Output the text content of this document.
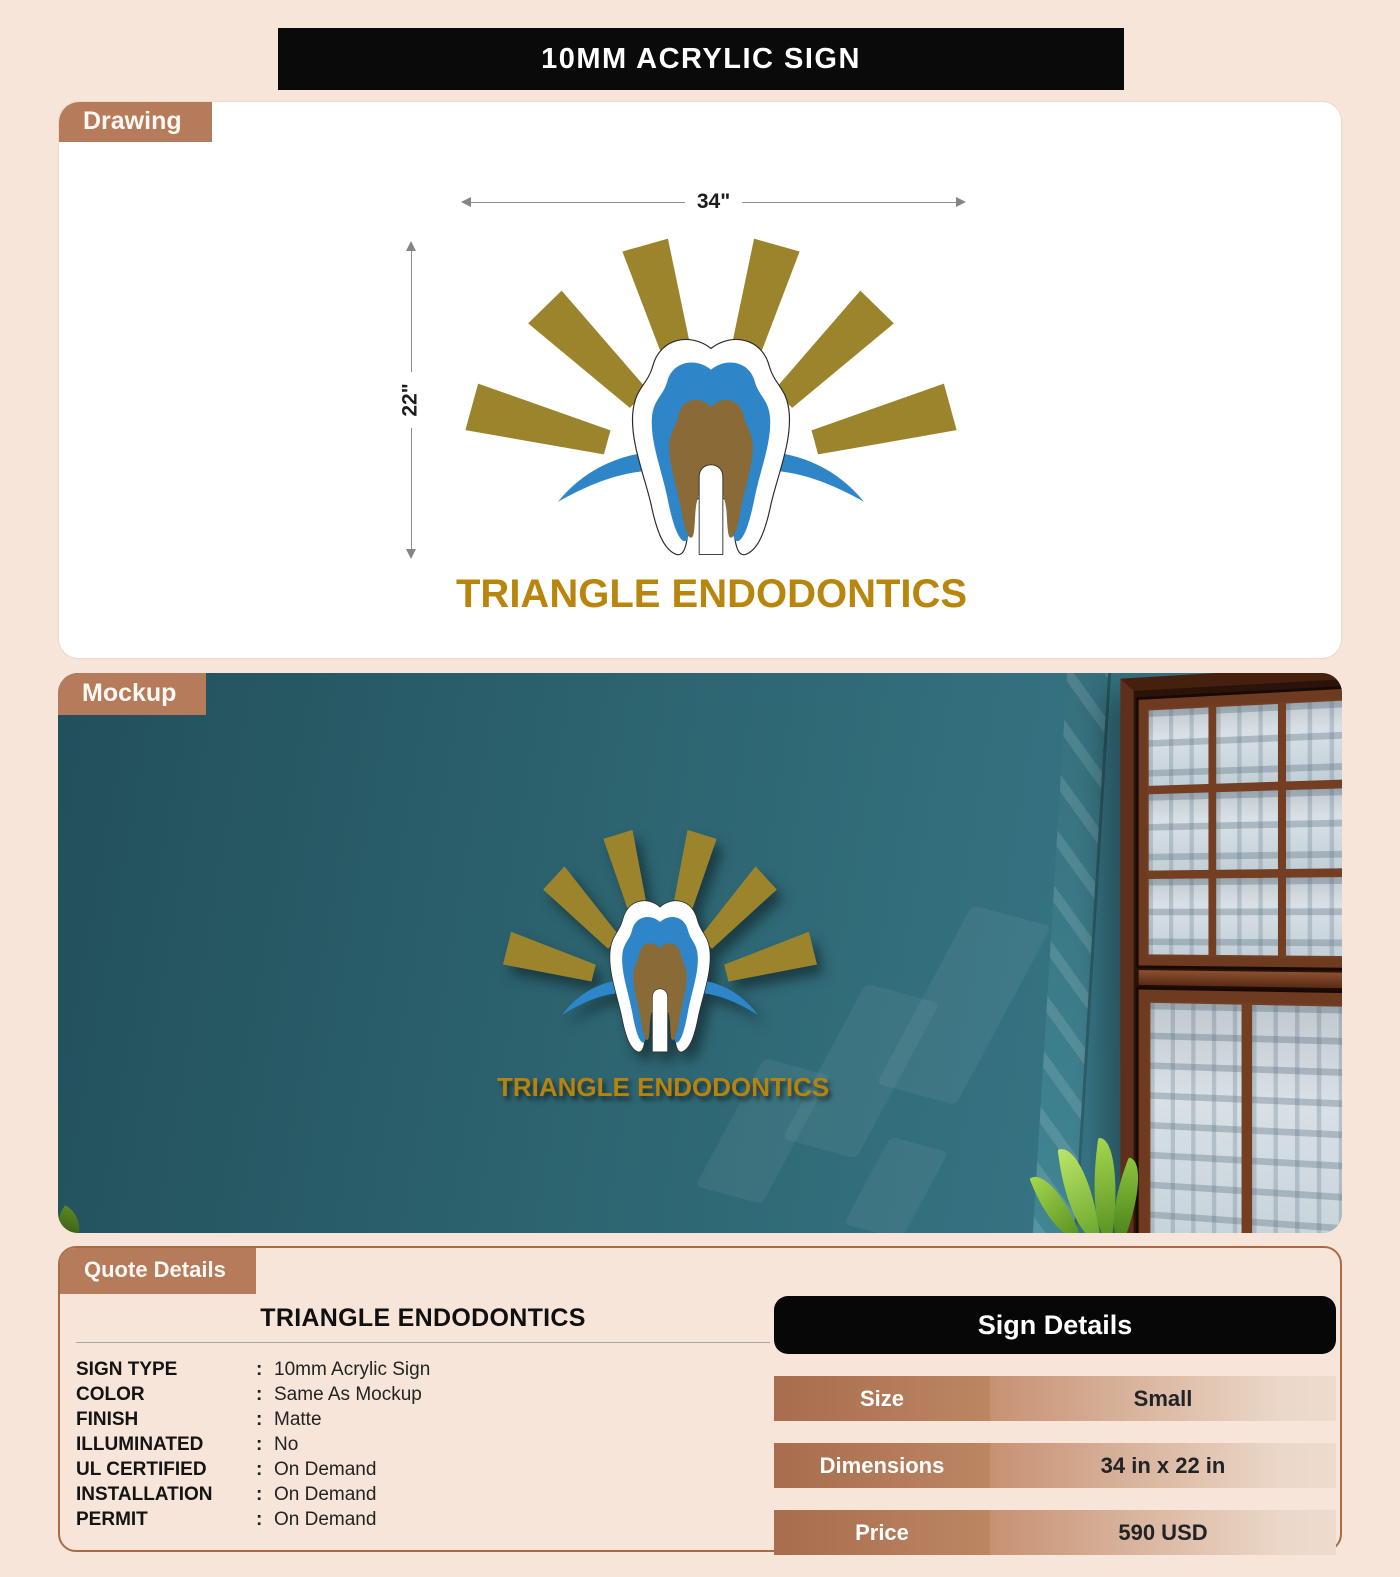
10MM ACRYLIC SIGN
Drawing
34"
22"
TRIANGLE ENDODONTICS
TRIANGLE ENDODONTICS
Mockup
Quote Details
TRIANGLE ENDODONTICS
SIGN TYPE	: 10mm Acrylic Sign
COLOR	: Same As Mockup
FINISH	: Matte
ILLUMINATED	: No
UL CERTIFIED	: On Demand
INSTALLATION	: On Demand
PERMIT	: On Demand
Sign Details
Size	Small
Dimensions	34 in x 22 in
Price	590 USD
